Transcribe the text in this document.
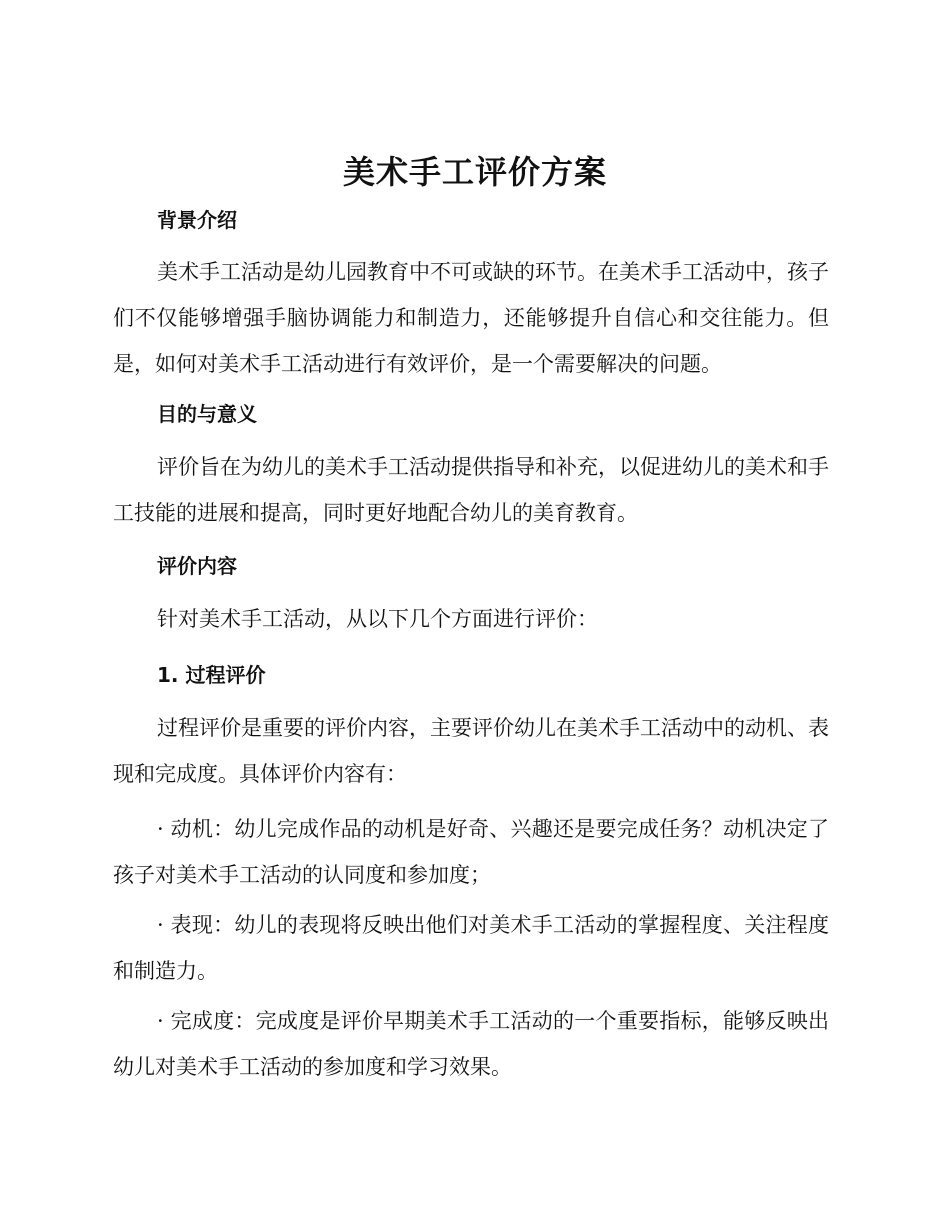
美术手工评价方案
背景介绍

美术手工活动是幼儿园教育中不可或缺的环节。在美术手工活动中，孩子们不仅能够增强手脑协调能力和制造力，还能够提升自信心和交往能力。但是，如何对美术手工活动进行有效评价，是一个需要解决的问题。

目的与意义

评价旨在为幼儿的美术手工活动提供指导和补充，以促进幼儿的美术和手工技能的进展和提高，同时更好地配合幼儿的美育教育。

评价内容

针对美术手工活动，从以下几个方面进行评价：

1. 过程评价

过程评价是重要的评价内容，主要评价幼儿在美术手工活动中的动机、表现和完成度。具体评价内容有：

· 动机：幼儿完成作品的动机是好奇、兴趣还是要完成任务？动机决定了孩子对美术手工活动的认同度和参加度；

· 表现：幼儿的表现将反映出他们对美术手工活动的掌握程度、关注程度和制造力。

· 完成度：完成度是评价早期美术手工活动的一个重要指标，能够反映出幼儿对美术手工活动的参加度和学习效果。
